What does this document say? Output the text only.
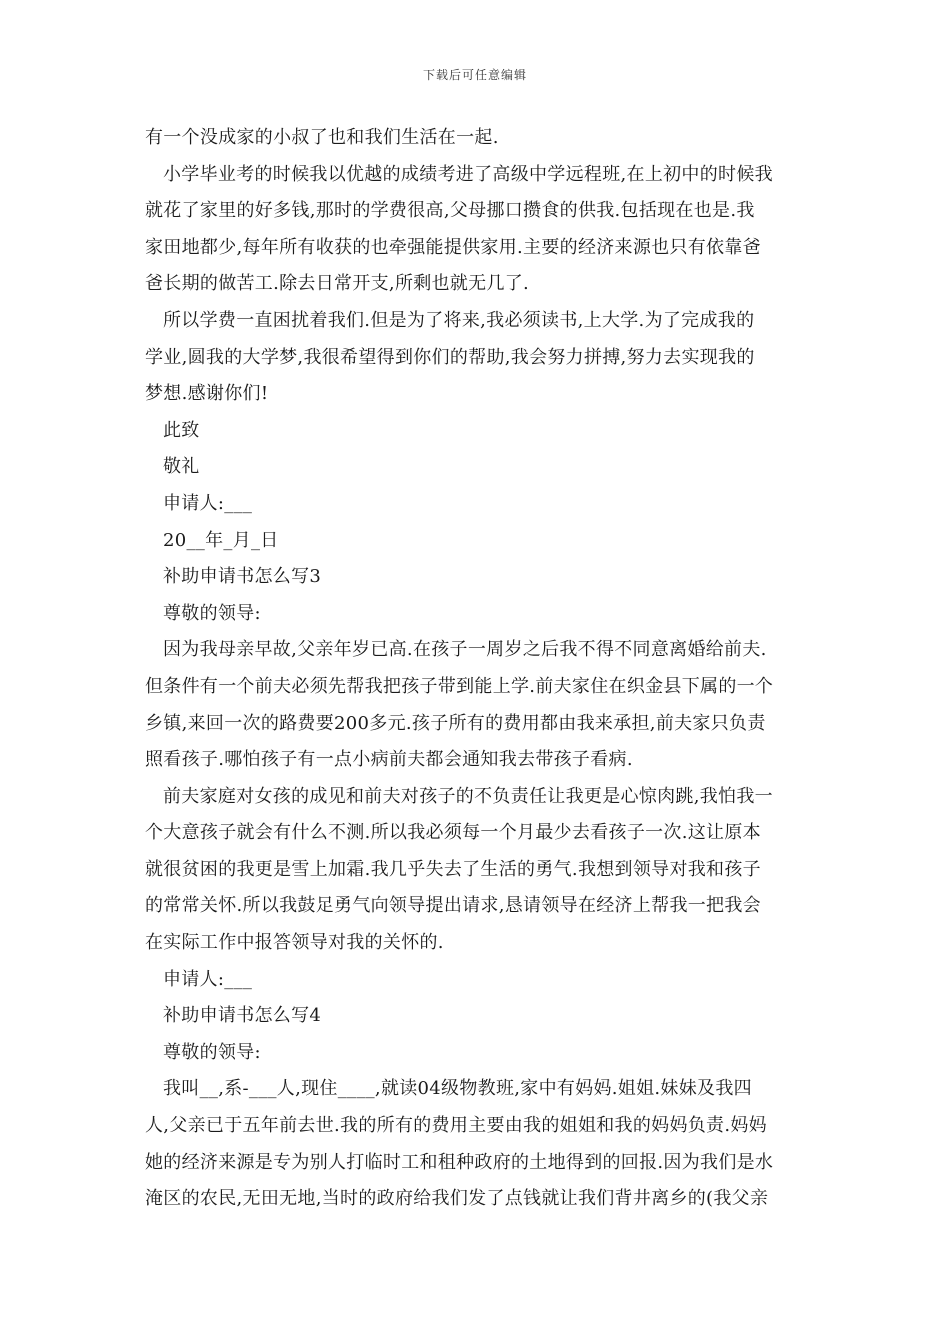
下载后可任意编辑
有一个没成家的小叔了也和我们生活在一起.
小学毕业考的时候我以优越的成绩考进了高级中学远程班,在上初中的时候我
就花了家里的好多钱,那时的学费很高,父母挪口攒食的供我.包括现在也是.我
家田地都少,每年所有收获的也牵强能提供家用.主要的经济来源也只有依靠爸
爸长期的做苦工.除去日常开支,所剩也就无几了.
所以学费一直困扰着我们.但是为了将来,我必须读书,上大学.为了完成我的
学业,圆我的大学梦,我很希望得到你们的帮助,我会努力拼搏,努力去实现我的
梦想.感谢你们!
此致
敬礼
申请人:___
20__年_月_日
补助申请书怎么写3
尊敬的领导:
因为我母亲早故,父亲年岁已高.在孩子一周岁之后我不得不同意离婚给前夫.
但条件有一个前夫必须先帮我把孩子带到能上学.前夫家住在织金县下属的一个
乡镇,来回一次的路费要200多元.孩子所有的费用都由我来承担,前夫家只负责
照看孩子.哪怕孩子有一点小病前夫都会通知我去带孩子看病.
前夫家庭对女孩的成见和前夫对孩子的不负责任让我更是心惊肉跳,我怕我一
个大意孩子就会有什么不测.所以我必须每一个月最少去看孩子一次.这让原本
就很贫困的我更是雪上加霜.我几乎失去了生活的勇气.我想到领导对我和孩子
的常常关怀.所以我鼓足勇气向领导提出请求,恳请领导在经济上帮我一把我会
在实际工作中报答领导对我的关怀的.
申请人:___
补助申请书怎么写4
尊敬的领导:
我叫__,系-___人,现住____,就读04级物教班,家中有妈妈.姐姐.妹妹及我四
人,父亲已于五年前去世.我的所有的费用主要由我的姐姐和我的妈妈负责.妈妈
她的经济来源是专为别人打临时工和租种政府的土地得到的回报.因为我们是水
淹区的农民,无田无地,当时的政府给我们发了点钱就让我们背井离乡的(我父亲
